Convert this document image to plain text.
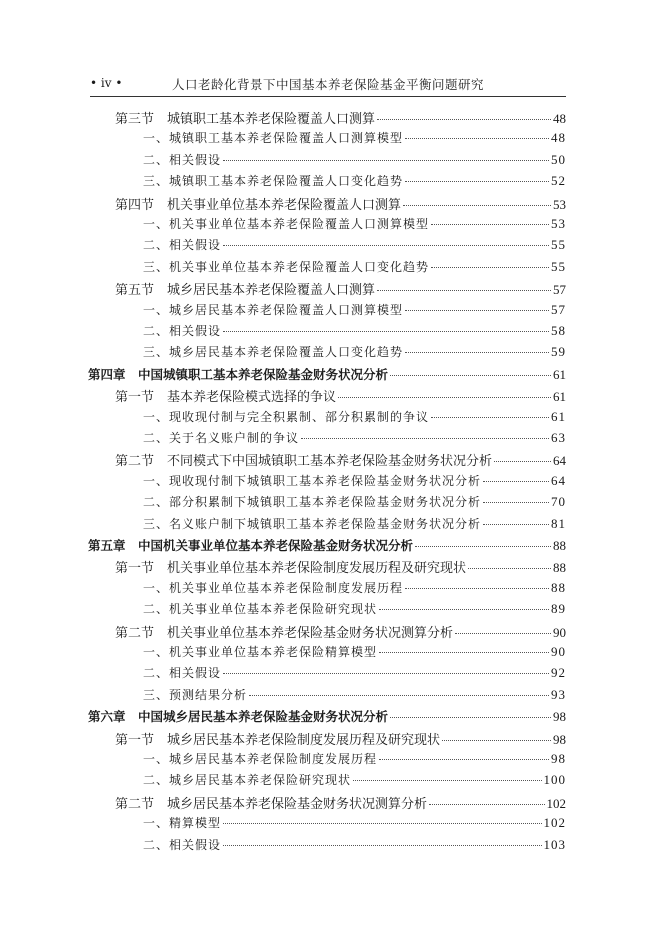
• iv •	人口老龄化背景下中国基本养老保险基金平衡问题研究
第三节　城镇职工基本养老保险覆盖人口测算	48
一、城镇职工基本养老保险覆盖人口测算模型	48
二、相关假设	50
三、城镇职工基本养老保险覆盖人口变化趋势	52
第四节　机关事业单位基本养老保险覆盖人口测算	53
一、机关事业单位基本养老保险覆盖人口测算模型	53
二、相关假设	55
三、机关事业单位基本养老保险覆盖人口变化趋势	55
第五节　城乡居民基本养老保险覆盖人口测算	57
一、城乡居民基本养老保险覆盖人口测算模型	57
二、相关假设	58
三、城乡居民基本养老保险覆盖人口变化趋势	59
第四章　中国城镇职工基本养老保险基金财务状况分析	61
第一节　基本养老保险模式选择的争议	61
一、现收现付制与完全积累制、部分积累制的争议	61
二、关于名义账户制的争议	63
第二节　不同模式下中国城镇职工基本养老保险基金财务状况分析	64
一、现收现付制下城镇职工基本养老保险基金财务状况分析	64
二、部分积累制下城镇职工基本养老保险基金财务状况分析	70
三、名义账户制下城镇职工基本养老保险基金财务状况分析	81
第五章　中国机关事业单位基本养老保险基金财务状况分析	88
第一节　机关事业单位基本养老保险制度发展历程及研究现状	88
一、机关事业单位基本养老保险制度发展历程	88
二、机关事业单位基本养老保险研究现状	89
第二节　机关事业单位基本养老保险基金财务状况测算分析	90
一、机关事业单位基本养老保险精算模型	90
二、相关假设	92
三、预测结果分析	93
第六章　中国城乡居民基本养老保险基金财务状况分析	98
第一节　城乡居民基本养老保险制度发展历程及研究现状	98
一、城乡居民基本养老保险制度发展历程	98
二、城乡居民基本养老保险研究现状	100
第二节　城乡居民基本养老保险基金财务状况测算分析	102
一、精算模型	102
二、相关假设	103
